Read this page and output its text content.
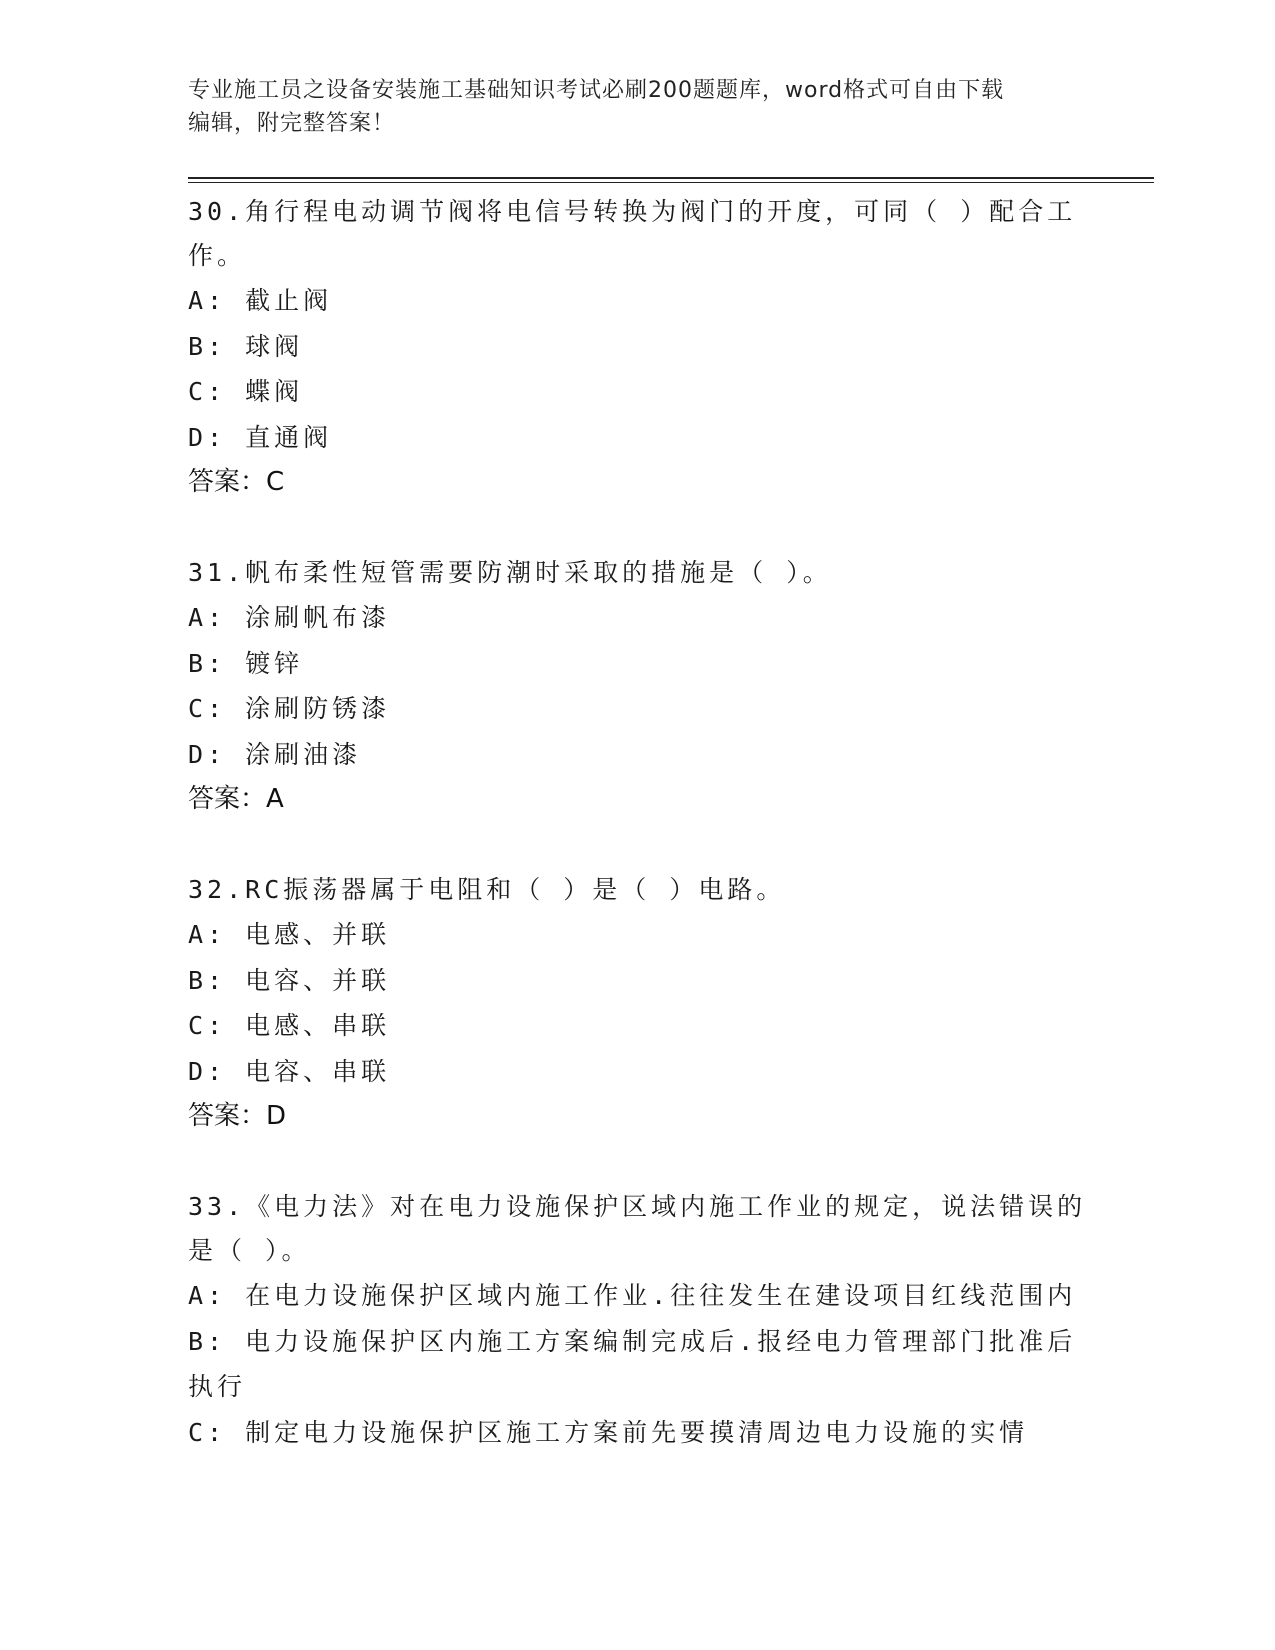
专业施工员之设备安装施工基础知识考试必刷200题题库，word格式可自由下载
编辑，附完整答案！

30.角行程电动调节阀将电信号转换为阀门的开度，可同（ ）配合工

作。

A: 截止阀

B: 球阀

C: 蝶阀

D: 直通阀

答案：C

31.帆布柔性短管需要防潮时采取的措施是（ ）。

A: 涂刷帆布漆

B: 镀锌

C: 涂刷防锈漆

D: 涂刷油漆

答案：A

32.RC振荡器属于电阻和（ ）是（ ）电路。

A: 电感、并联

B: 电容、并联

C: 电感、串联

D: 电容、串联

答案：D

33.《电力法》对在电力设施保护区域内施工作业的规定，说法错误的

是（ ）。

A: 在电力设施保护区域内施工作业.往往发生在建设项目红线范围内

B: 电力设施保护区内施工方案编制完成后.报经电力管理部门批准后

执行

C: 制定电力设施保护区施工方案前先要摸清周边电力设施的实情
